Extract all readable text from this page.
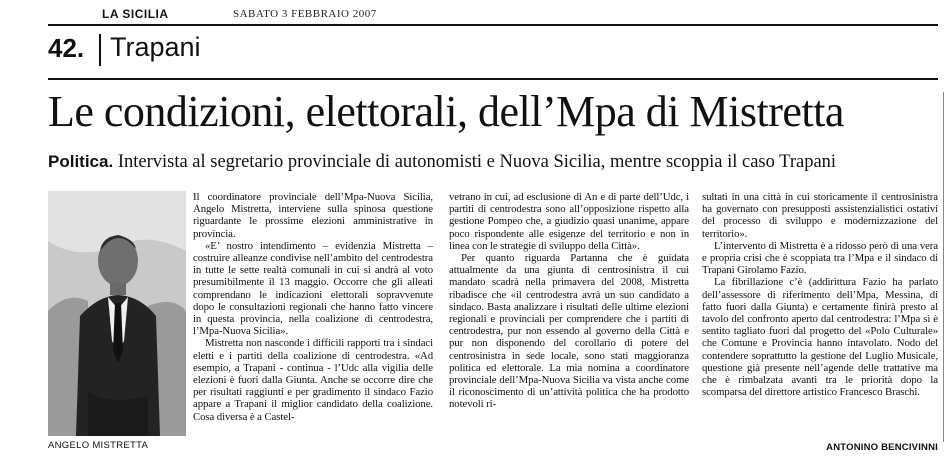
LA SICILIA	SABATO 3 FEBBRAIO 2007
42. Trapani
Le condizioni, elettorali, dell’Mpa di Mistretta
Politica. Intervista al segretario provinciale di autonomisti e Nuova Sicilia, mentre scoppia il caso Trapani
ANGELO MISTRETTA

Il coordinatore provinciale dell’Mpa-Nuova Sicilia, Angelo Mistretta, interviene sulla spinosa questione riguardante le prossime elezioni amministrative in provincia.

«E’ nostro intendimento – evidenzia Mistretta – costruire alleanze condivise nell’ambito del centrodestra in tutte le sette realtà comunali in cui si andrà al voto presumibilmente il 13 maggio. Occorre che gli alleati comprendano le indicazioni elettorali sopravvenute dopo le consultazioni regionali che hanno fatto vincere in questa provincia, nella coalizione di centrodestra, l’Mpa-Nuova Sicilia».

Mistretta non nasconde i difficili rapporti tra i sindaci eletti e i partiti della coalizione di centrodestra. «Ad esempio, a Trapani - continua - l’Udc alla vigilia delle elezioni è fuori dalla Giunta. Anche se occorre dire che per risultati raggiunti e per gradimento il sindaco Fazio appare a Trapani il miglior candidato della coalizione. Cosa diversa è a Castel-

vetrano in cui, ad esclusione di An e di parte dell’Udc, i partiti di centrodestra sono all’opposizione rispetto alla gestione Pompeo che, a giudizio quasi unanime, appare poco rispondente alle esigenze del territorio e non in linea con le strategie di sviluppo della Città».

Per quanto riguarda Partanna che è guidata attualmente da una giunta di centrosinistra il cui mandato scadrà nella primavera del 2008, Mistretta ribadisce che «il centrodestra avrà un suo candidato a sindaco. Basta analizzare i risultati delle ultime elezioni regionali e provinciali per comprendere che i partiti di centrodestra, pur non essendo al governo della Città e pur non disponendo del corollario di potere del centrosinistra in sede locale, sono stati maggioranza politica ed elettorale. La mia nomina a coordinatore provinciale dell’Mpa-Nuova Sicilia va vista anche come il riconoscimento di un’attività politica che ha prodotto notevoli ri-

sultati in una città in cui storicamente il centrosinistra ha governato con presupposti assistenzialistici ostativi del processo di sviluppo e modernizzazione del territorio».

L’intervento di Mistretta è a ridosso però di una vera e propria crisi che è scoppiata tra l’Mpa e il sindaco di Trapani Girolamo Fazio.

La fibrillazione c’è (addirittura Fazio ha parlato dell’assessore di riferimento dell’Mpa, Messina, di fatto fuori dalla Giunta) e certamente finirà presto al tavolo del confronto aperto dal centrodestra: l’Mpa si è sentito tagliato fuori dal progetto del «Polo Culturale» che Comune e Provincia hanno intavolato. Nodo del contendere soprattutto la gestione del Luglio Musicale, questione già presente nell’agende delle trattative ma che è rimbalzata avanti tra le priorità dopo la scomparsa del direttore artistico Francesco Braschi.

ANTONINO BENCIVINNI
